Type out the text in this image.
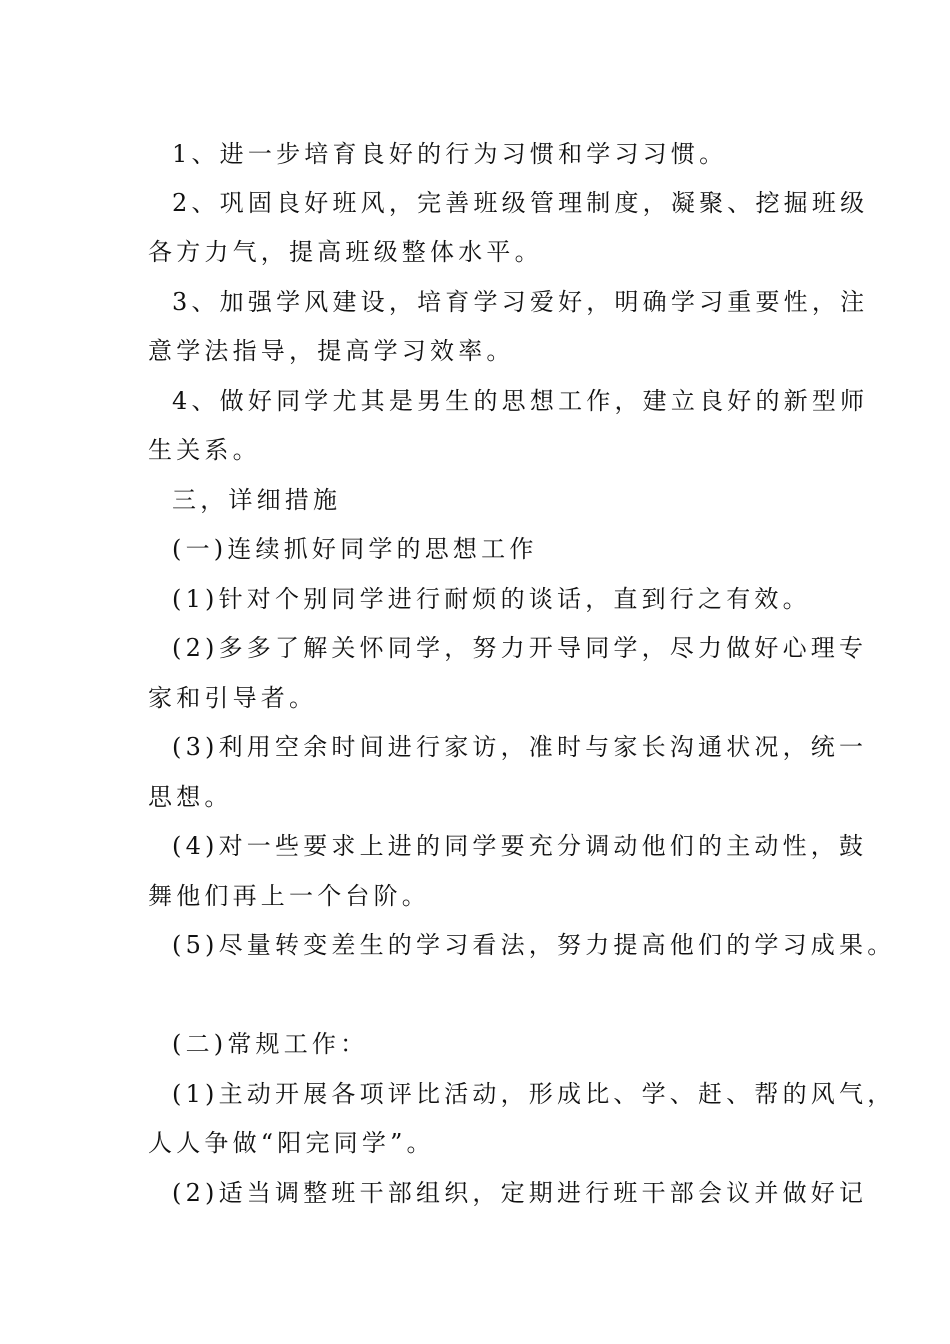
1、进一步培育良好的行为习惯和学习习惯。
2、巩固良好班风，完善班级管理制度，凝聚、挖掘班级
各方力气，提高班级整体水平。
3、加强学风建设，培育学习爱好，明确学习重要性，注
意学法指导，提高学习效率。
4、做好同学尤其是男生的思想工作，建立良好的新型师
生关系。
三，详细措施
(一)连续抓好同学的思想工作
(1)针对个别同学进行耐烦的谈话，直到行之有效。
(2)多多了解关怀同学，努力开导同学，尽力做好心理专
家和引导者。
(3)利用空余时间进行家访，准时与家长沟通状况，统一
思想。
(4)对一些要求上进的同学要充分调动他们的主动性，鼓
舞他们再上一个台阶。
(5)尽量转变差生的学习看法，努力提高他们的学习成果。
(二)常规工作：
(1)主动开展各项评比活动，形成比、学、赶、帮的风气，
人人争做“阳完同学”。
(2)适当调整班干部组织，定期进行班干部会议并做好记
